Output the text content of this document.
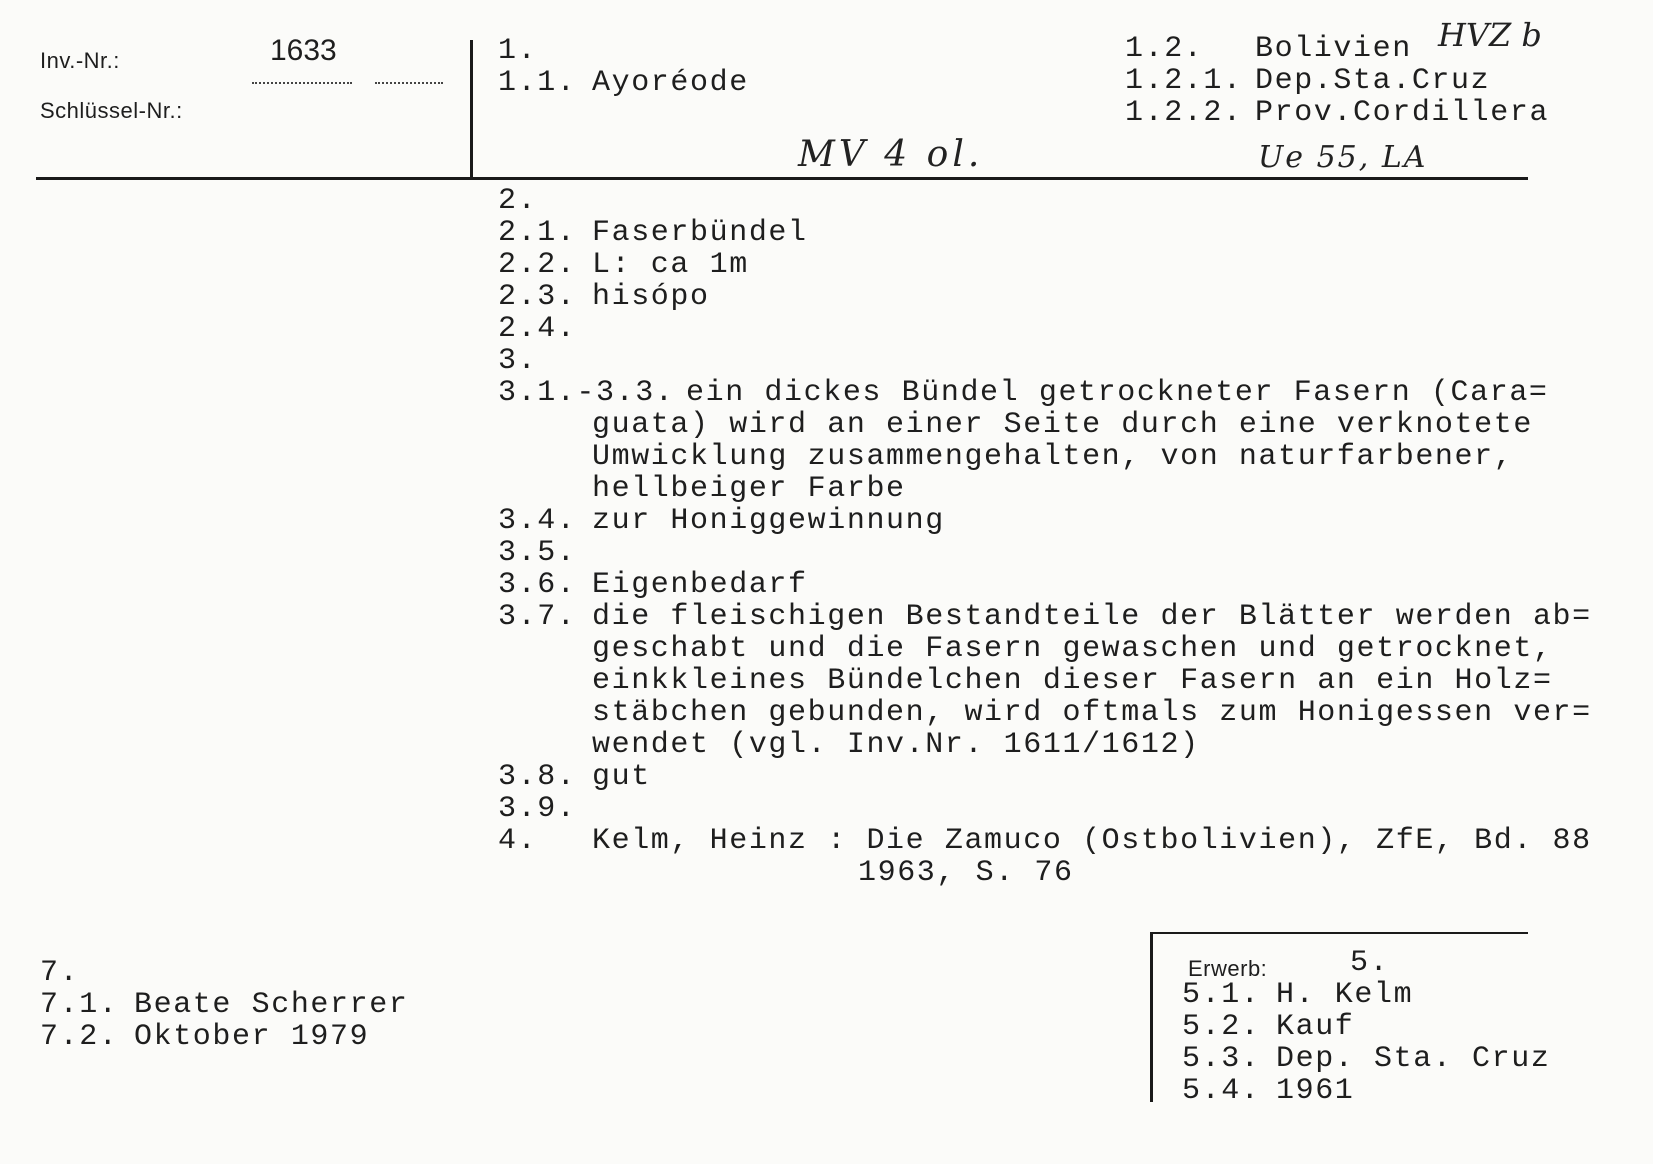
Inv.-Nr.:	1633
Schlüssel-Nr.:
1.
1.1. Ayoréode
1.2. Bolivien
1.2.1. Dep.Sta.Cruz
1.2.2. Prov.Cordillera
HVZ b
MV 4 ol.	Ue 55, LA
2.
2.1. Faserbündel
2.2. L: ca 1m
2.3. hisópo
2.4.
3.
3.1.-3.3. ein dickes Bündel getrockneter Fasern (Cara=
guata) wird an einer Seite durch eine verknotete
Umwicklung zusammengehalten, von naturfarbener,
hellbeiger Farbe
3.4. zur Honiggewinnung
3.5.
3.6. Eigenbedarf
3.7. die fleischigen Bestandteile der Blätter werden ab=
geschabt und die Fasern gewaschen und getrocknet,
einkkleines Bündelchen dieser Fasern an ein Holz=
stäbchen gebunden, wird oftmals zum Honigessen ver=
wendet (vgl. Inv.Nr. 1611/1612)
3.8. gut
3.9.
4. Kelm, Heinz : Die Zamuco (Ostbolivien), ZfE, Bd. 88
1963, S. 76
7.
7.1. Beate Scherrer
7.2. Oktober 1979
Erwerb:	5.
5.1. H. Kelm
5.2. Kauf
5.3. Dep. Sta. Cruz
5.4. 1961
